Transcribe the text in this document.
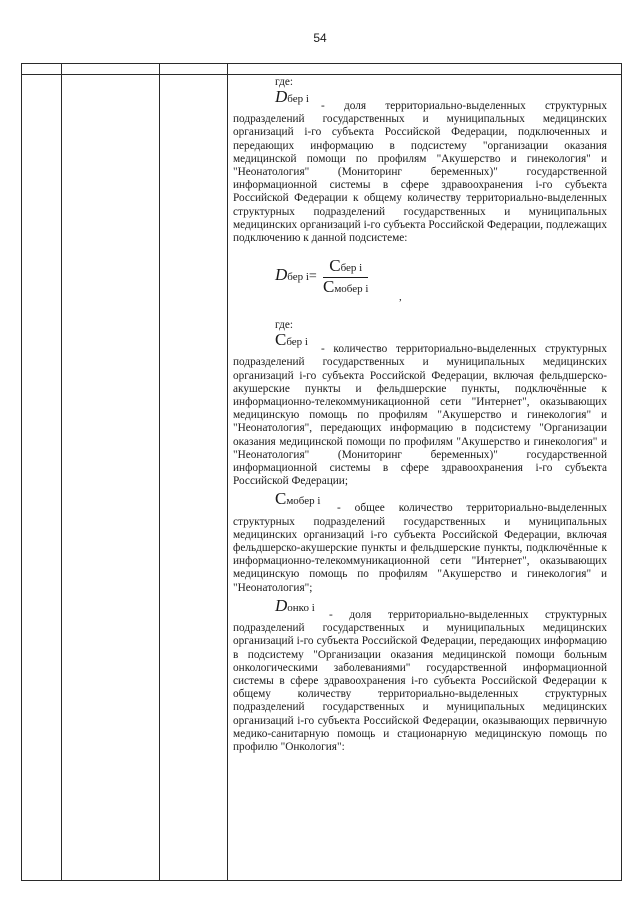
54

где:

Dбер i

- доля территориально-выделенных структурных подразделений государственных и муниципальных медицинских организаций i-го субъекта Российской Федерации, подключенных и передающих информацию в подсистему "организации оказания медицинской помощи по профилям "Акушерство и гинекология" и "Неонатология" (Мониторинг беременных)" государственной информационной системы в сфере здравоохранения i-го субъекта Российской Федерации к общему количеству территориально-выделенных структурных подразделений государственных и муниципальных медицинских организаций i-го субъекта Российской Федерации, подлежащих подключению к данной подсистеме:

Dбер i=
Cбер i
Cмобер i
,

где:

Cбер i

- количество территориально-выделенных структурных подразделений государственных и муниципальных медицинских организаций i-го субъекта Российской Федерации, включая фельдшерско-акушерские пункты и фельдшерские пункты, подключённые к информационно-телекоммуникационной сети "Интернет", оказывающих медицинскую помощь по профилям "Акушерство и гинекология" и "Неонатология", передающих информацию в подсистему "Организации оказания медицинской помощи по профилям "Акушерство и гинекология" и "Неонатология" (Мониторинг беременных)" государственной информационной системы в сфере здравоохранения i-го субъекта Российской Федерации;

Cмобер i

- общее количество территориально-выделенных структурных подразделений государственных и муниципальных медицинских организаций i-го субъекта Российской Федерации, включая фельдшерско-акушерские пункты и фельдшерские пункты, подключённые к информационно-телекоммуникационной сети "Интернет", оказывающих медицинскую помощь по профилям "Акушерство и гинекология" и "Неонатология";

Dонко i

- доля территориально-выделенных структурных подразделений государственных и муниципальных медицинских организаций i-го субъекта Российской Федерации, передающих информацию в подсистему "Организации оказания медицинской помощи больным онкологическими заболеваниями" государственной информационной системы в сфере здравоохранения i-го субъекта Российской Федерации к общему количеству территориально-выделенных структурных подразделений государственных и муниципальных медицинских организаций i-го субъекта Российской Федерации, оказывающих первичную медико-санитарную помощь и стационарную медицинскую помощь по профилю "Онкология":
